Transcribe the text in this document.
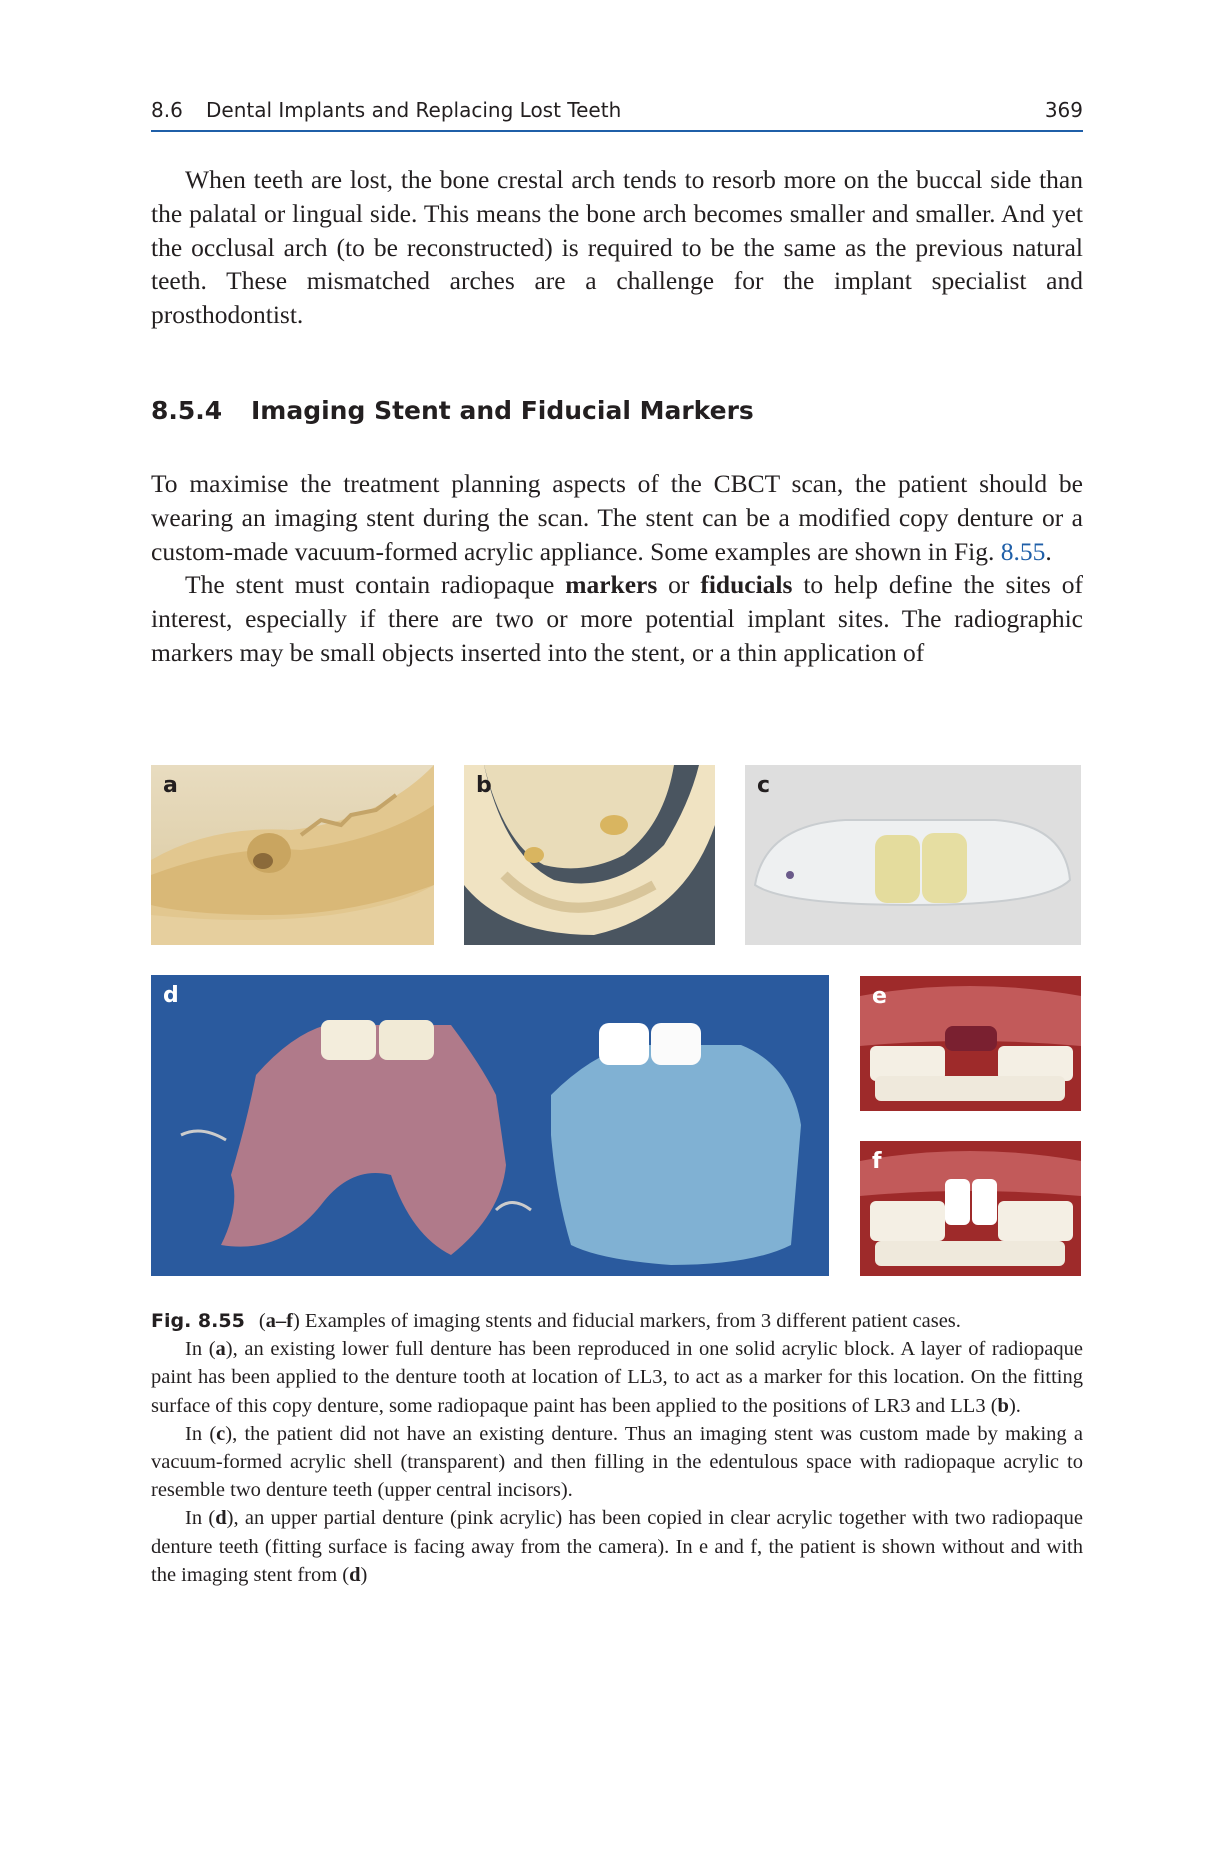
8.6 Dental Implants and Replacing Lost Teeth	369

When teeth are lost, the bone crestal arch tends to resorb more on the buccal side than the palatal or lingual side. This means the bone arch becomes smaller and smaller. And yet the occlusal arch (to be reconstructed) is required to be the same as the previous natural teeth. These mismatched arches are a challenge for the implant specialist and prosthodontist.

8.5.4 Imaging Stent and Fiducial Markers

To maximise the treatment planning aspects of the CBCT scan, the patient should be wearing an imaging stent during the scan. The stent can be a modified copy denture or a custom-made vacuum-formed acrylic appliance. Some examples are shown in Fig. 8.55.

The stent must contain radiopaque markers or fiducials to help define the sites of interest, especially if there are two or more potential implant sites. The radiographic markers may be small objects inserted into the stent, or a thin application of

a	b	c
d	e
f

Fig. 8.55 (a–f) Examples of imaging stents and fiducial markers, from 3 different patient cases.

In (a), an existing lower full denture has been reproduced in one solid acrylic block. A layer of radiopaque paint has been applied to the denture tooth at location of LL3, to act as a marker for this location. On the fitting surface of this copy denture, some radiopaque paint has been applied to the positions of LR3 and LL3 (b).

In (c), the patient did not have an existing denture. Thus an imaging stent was custom made by making a vacuum-formed acrylic shell (transparent) and then filling in the edentulous space with radiopaque acrylic to resemble two denture teeth (upper central incisors).

In (d), an upper partial denture (pink acrylic) has been copied in clear acrylic together with two radiopaque denture teeth (fitting surface is facing away from the camera). In e and f, the patient is shown without and with the imaging stent from (d)
